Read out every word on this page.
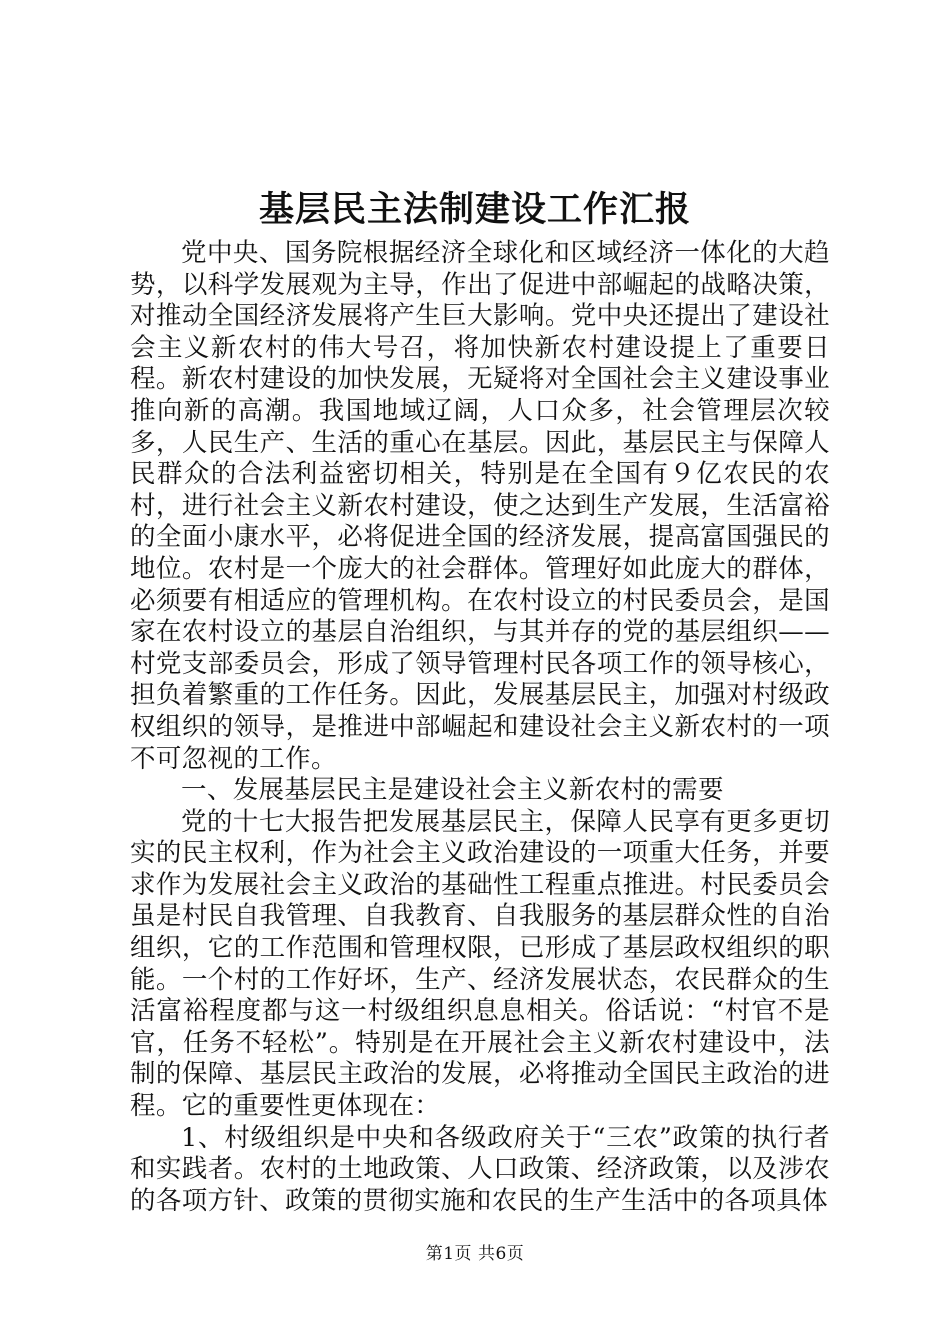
基层民主法制建设工作汇报

党中央、国务院根据经济全球化和区域经济一体化的大趋势，以科学发展观为主导，作出了促进中部崛起的战略决策，对推动全国经济发展将产生巨大影响。党中央还提出了建设社会主义新农村的伟大号召，将加快新农村建设提上了重要日程。新农村建设的加快发展，无疑将对全国社会主义建设事业推向新的高潮。我国地域辽阔，人口众多，社会管理层次较多，人民生产、生活的重心在基层。因此，基层民主与保障人民群众的合法利益密切相关，特别是在全国有９亿农民的农村，进行社会主义新农村建设，使之达到生产发展，生活富裕的全面小康水平，必将促进全国的经济发展，提高富国强民的地位。农村是一个庞大的社会群体。管理好如此庞大的群体，必须要有相适应的管理机构。在农村设立的村民委员会，是国家在农村设立的基层自治组织，与其并存的党的基层组织——村党支部委员会，形成了领导管理村民各项工作的领导核心，担负着繁重的工作任务。因此，发展基层民主，加强对村级政权组织的领导，是推进中部崛起和建设社会主义新农村的一项不可忽视的工作。

一、发展基层民主是建设社会主义新农村的需要

党的十七大报告把发展基层民主，保障人民享有更多更切实的民主权利，作为社会主义政治建设的一项重大任务，并要求作为发展社会主义政治的基础性工程重点推进。村民委员会虽是村民自我管理、自我教育、自我服务的基层群众性的自治组织，它的工作范围和管理权限，已形成了基层政权组织的职能。一个村的工作好坏，生产、经济发展状态，农民群众的生活富裕程度都与这一村级组织息息相关。俗话说：“村官不是官，任务不轻松”。特别是在开展社会主义新农村建设中，法制的保障、基层民主政治的发展，必将推动全国民主政治的进程。它的重要性更体现在：

1、村级组织是中央和各级政府关于“三农”政策的执行者和实践者。农村的土地政策、人口政策、经济政策，以及涉农的各项方针、政策的贯彻实施和农民的生产生活中的各项具体

第1页 共6页
